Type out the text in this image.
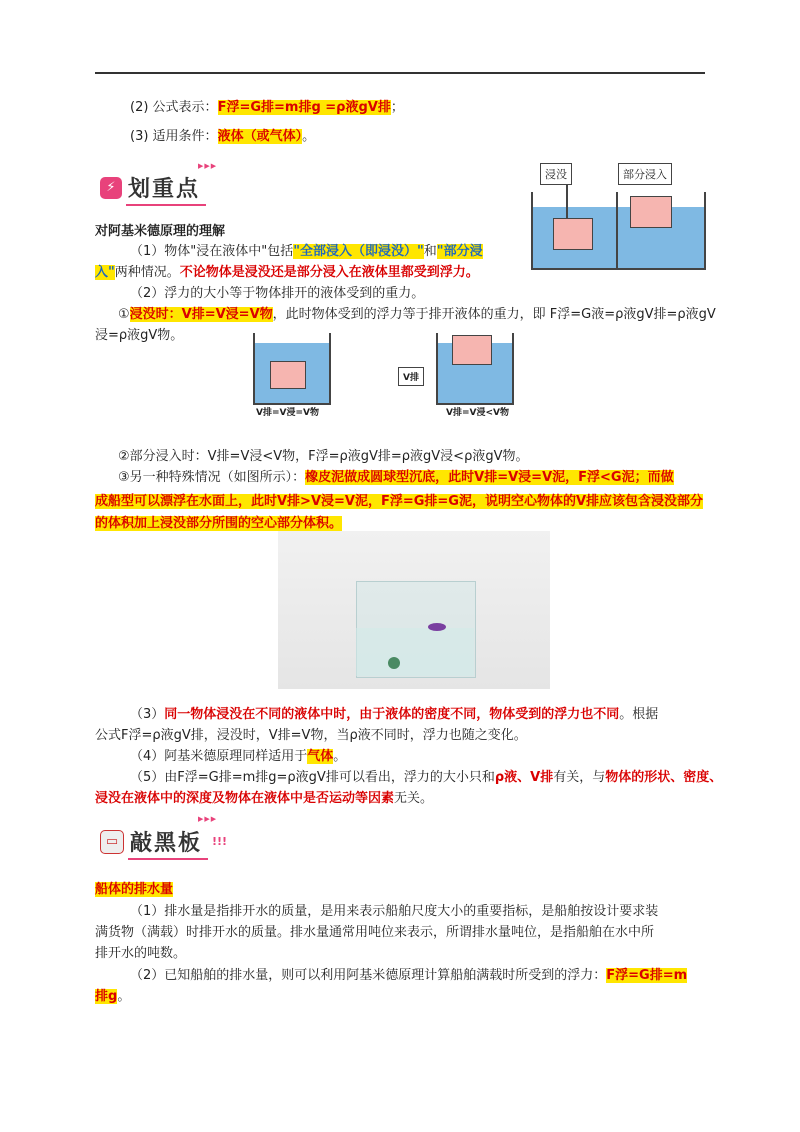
(2) 公式表示：F浮=G排=m排g =ρ液gV排；
(3) 适用条件：液体（或气体）。
⚡ 划重点
▶▶▶
浸没	部分浸入
对阿基米德原理的理解
（1）物体"浸在液体中"包括"全部浸入（即浸没）"和"部分浸
入"两种情况。不论物体是浸没还是部分浸入在液体里都受到浮力。
（2）浮力的大小等于物体排开的液体受到的重力。
①浸没时：V排=V浸=V物，此时物体受到的浮力等于排开液体的重力，即 F浮=G液=ρ液gV排=ρ液gV
浸=ρ液gV物。
V排=V浸=V物
V排
V排=V浸<V物
②部分浸入时：V排=V浸<V物，F浮=ρ液gV排=ρ液gV浸<ρ液gV物。
③另一种特殊情况（如图所示）：橡皮泥做成圆球型沉底，此时V排=V浸=V泥，F浮<G泥；而做
成船型可以漂浮在水面上，此时V排>V浸=V泥，F浮=G排=G泥，说明空心物体的V排应该包含浸没部分
的体积加上浸没部分所围的空心部分体积。
（3）同一物体浸没在不同的液体中时，由于液体的密度不同，物体受到的浮力也不同。根据
公式F浮=ρ液gV排，浸没时，V排=V物，当ρ液不同时，浮力也随之变化。
（4）阿基米德原理同样适用于气体。
（5）由F浮=G排=m排g=ρ液gV排可以看出，浮力的大小只和ρ液、V排有关，与物体的形状、密度、
浸没在液体中的深度及物体在液体中是否运动等因素无关。
▭ 敲黑板 !!!
▶▶▶
船体的排水量
（1）排水量是指排开水的质量，是用来表示船舶尺度大小的重要指标，是船舶按设计要求装
满货物（满载）时排开水的质量。排水量通常用吨位来表示，所谓排水量吨位，是指船舶在水中所
排开水的吨数。
（2）已知船舶的排水量，则可以利用阿基米德原理计算船舶满载时所受到的浮力：F浮=G排=m
排g。
